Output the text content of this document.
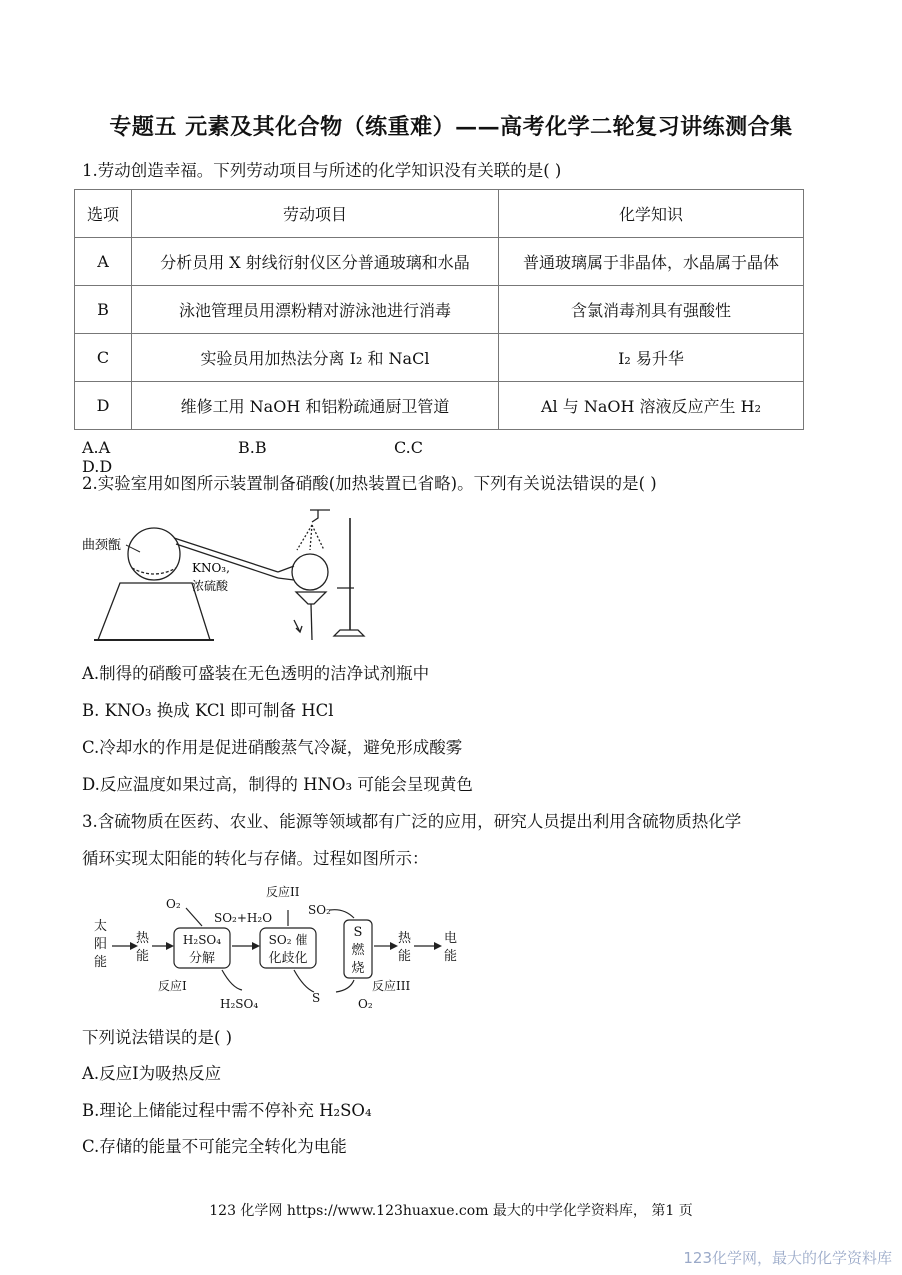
专题五 元素及其化合物（练重难）——高考化学二轮复习讲练测合集
1.劳动创造幸福。下列劳动项目与所述的化学知识没有关联的是( )
选项	劳动项目	化学知识
A	分析员用 X 射线衍射仪区分普通玻璃和水晶	普通玻璃属于非晶体，水晶属于晶体
B	泳池管理员用漂粉精对游泳池进行消毒	含氯消毒剂具有强酸性
C	实验员用加热法分离 I₂ 和 NaCl	I₂ 易升华
D	维修工用 NaOH 和铝粉疏通厨卫管道	Al 与 NaOH 溶液反应产生 H₂
A.A	B.B	C.CD.D
2.实验室用如图所示装置制备硝酸(加热装置已省略)。下列有关说法错误的是( )
曲颈甑
KNO₃,
浓硫酸
A.制得的硝酸可盛装在无色透明的洁净试剂瓶中
B. KNO₃ 换成 KCl 即可制备 HCl
C.冷却水的作用是促进硝酸蒸气冷凝，避免形成酸雾
D.反应温度如果过高，制得的 HNO₃ 可能会呈现黄色
3.含硫物质在医药、农业、能源等领域都有广泛的应用，研究人员提出利用含硫物质热化学
循环实现太阳能的转化与存储。过程如图所示：
太
阳
能
热
能
H₂SO₄
分解
SO₂ 催
化歧化
S
燃
烧
热
能
电
能
O₂
SO₂+H₂O
反应II
SO₂
反应I
H₂SO₄	S	O₂
反应III
下列说法错误的是( )
A.反应I为吸热反应
B.理论上储能过程中需不停补充 H₂SO₄
C.存储的能量不可能完全转化为电能
123 化学网 https://www.123huaxue.com 最大的中学化学资料库， 第1 页
123化学网，最大的化学资料库
